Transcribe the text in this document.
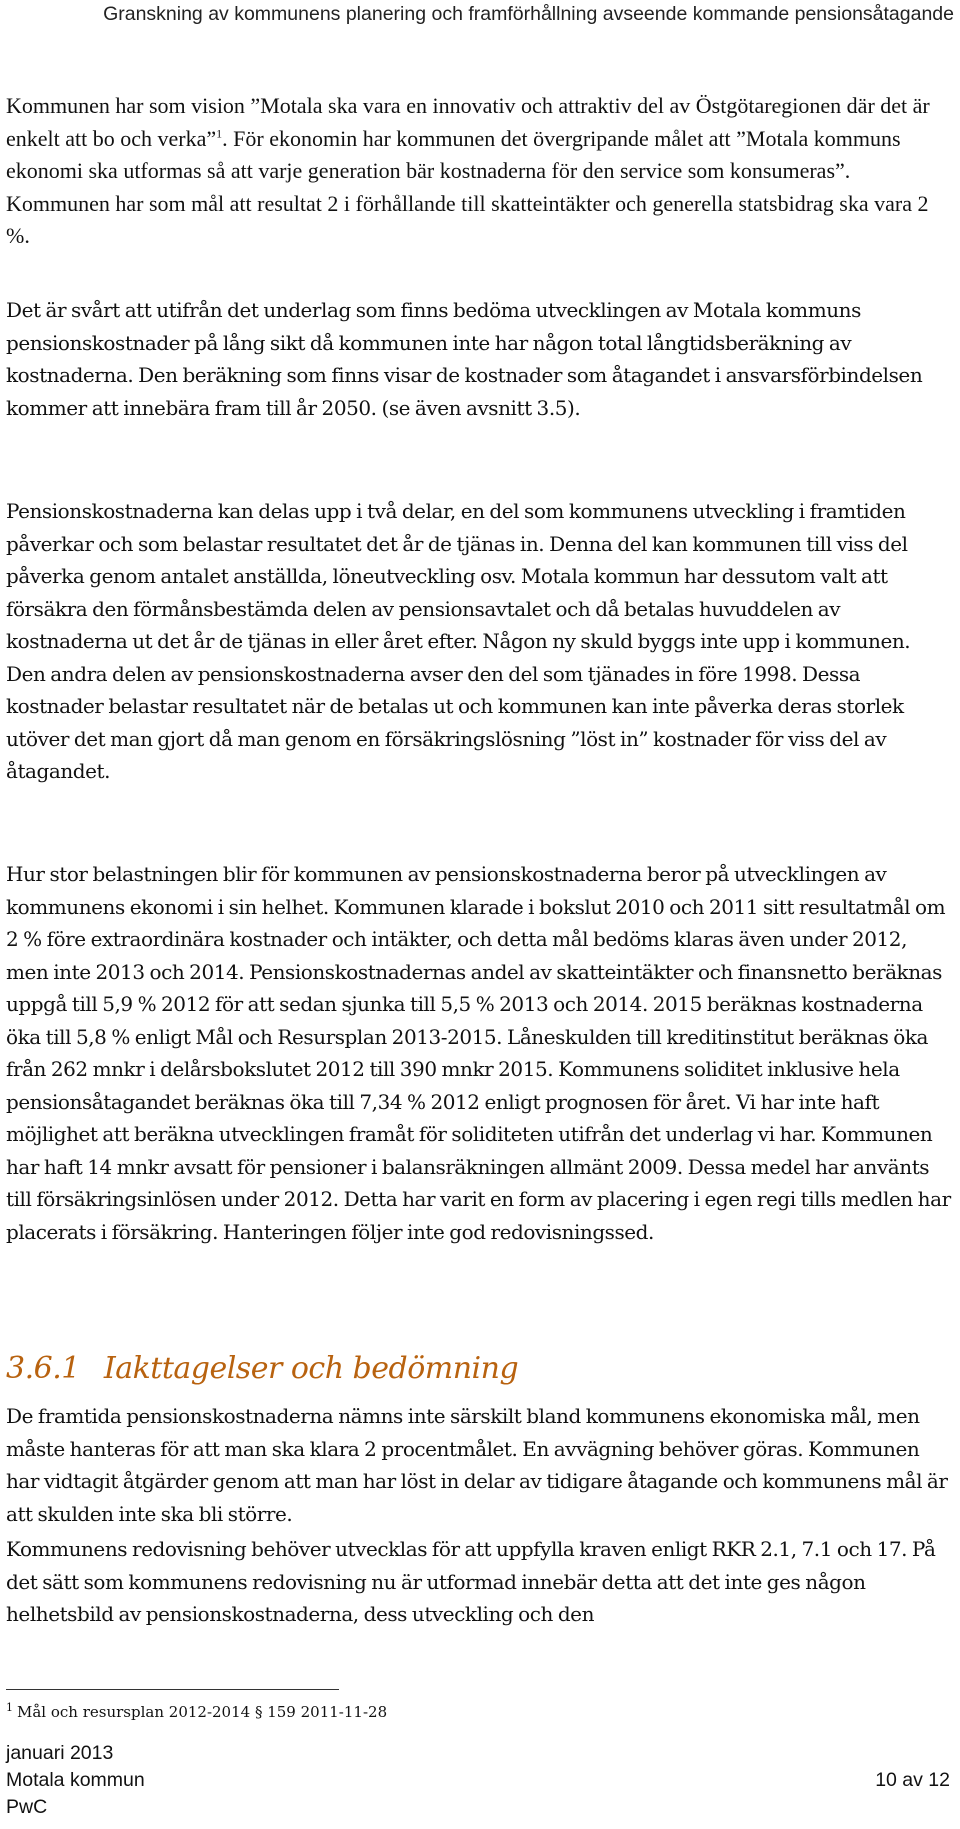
Granskning av kommunens planering och framförhållning avseende kommande pensionsåtagande

Kommunen har som vision ”Motala ska vara en innovativ och attraktiv del av Östgötaregionen där det är enkelt att bo och verka”$^1$. För ekonomin har kommunen det övergripande målet att ”Motala kommuns ekonomi ska utformas så att varje generation bär kostnaderna för den service som konsumeras”. Kommunen har som mål att resultat 2 i förhållande till skatteintäkter och generella statsbidrag ska vara 2 %.

Det är svårt att utifrån det underlag som finns bedöma utvecklingen av Motala kommuns pensionskostnader på lång sikt då kommunen inte har någon total långtidsberäkning av kostnaderna. Den beräkning som finns visar de kostnader som åtagandet i ansvarsförbindelsen kommer att innebära fram till år 2050. (se även avsnitt 3.5).

Pensionskostnaderna kan delas upp i två delar, en del som kommunens utveckling i framtiden påverkar och som belastar resultatet det år de tjänas in. Denna del kan kommunen till viss del påverka genom antalet anställda, löneutveckling osv. Motala kommun har dessutom valt att försäkra den förmånsbestämda delen av pensionsavtalet och då betalas huvuddelen av kostnaderna ut det år de tjänas in eller året efter. Någon ny skuld byggs inte upp i kommunen. Den andra delen av pensionskostnaderna avser den del som tjänades in före 1998. Dessa kostnader belastar resultatet när de betalas ut och kommunen kan inte påverka deras storlek utöver det man gjort då man genom en försäkringslösning ”löst in” kostnader för viss del av åtagandet.

Hur stor belastningen blir för kommunen av pensionskostnaderna beror på utvecklingen av kommunens ekonomi i sin helhet. Kommunen klarade i bokslut 2010 och 2011 sitt resultatmål om 2 % före extraordinära kostnader och intäkter, och detta mål bedöms klaras även under 2012, men inte 2013 och 2014. Pensionskostnadernas andel av skatteintäkter och finansnetto beräknas uppgå till 5,9 % 2012 för att sedan sjunka till 5,5 % 2013 och 2014. 2015 beräknas kostnaderna öka till 5,8 % enligt Mål och Resursplan 2013-2015. Låneskulden till kreditinstitut beräknas öka från 262 mnkr i delårsbokslutet 2012 till 390 mnkr 2015. Kommunens soliditet inklusive hela pensionsåtagandet beräknas öka till 7,34 % 2012 enligt prognosen för året. Vi har inte haft möjlighet att beräkna utvecklingen framåt för soliditeten utifrån det underlag vi har. Kommunen har haft 14 mnkr avsatt för pensioner i balansräkningen allmänt 2009. Dessa medel har använts till försäkringsinlösen under 2012. Detta har varit en form av placering i egen regi tills medlen har placerats i försäkring. Hanteringen följer inte god redovisningssed.

3.6.1 Iakttagelser och bedömning

De framtida pensionskostnaderna nämns inte särskilt bland kommunens ekonomiska mål, men måste hanteras för att man ska klara 2 procentmålet. En avvägning behöver göras. Kommunen har vidtagit åtgärder genom att man har löst in delar av tidigare åtagande och kommunens mål är att skulden inte ska bli större.

Kommunens redovisning behöver utvecklas för att uppfylla kraven enligt RKR 2.1, 7.1 och 17. På det sätt som kommunens redovisning nu är utformad innebär detta att det inte ges någon helhetsbild av pensionskostnaderna, dess utveckling och den

$^1$ Mål och resursplan 2012-2014 § 159 2011-11-28
januari 2013
Motala kommun
PwC
10 av 12
